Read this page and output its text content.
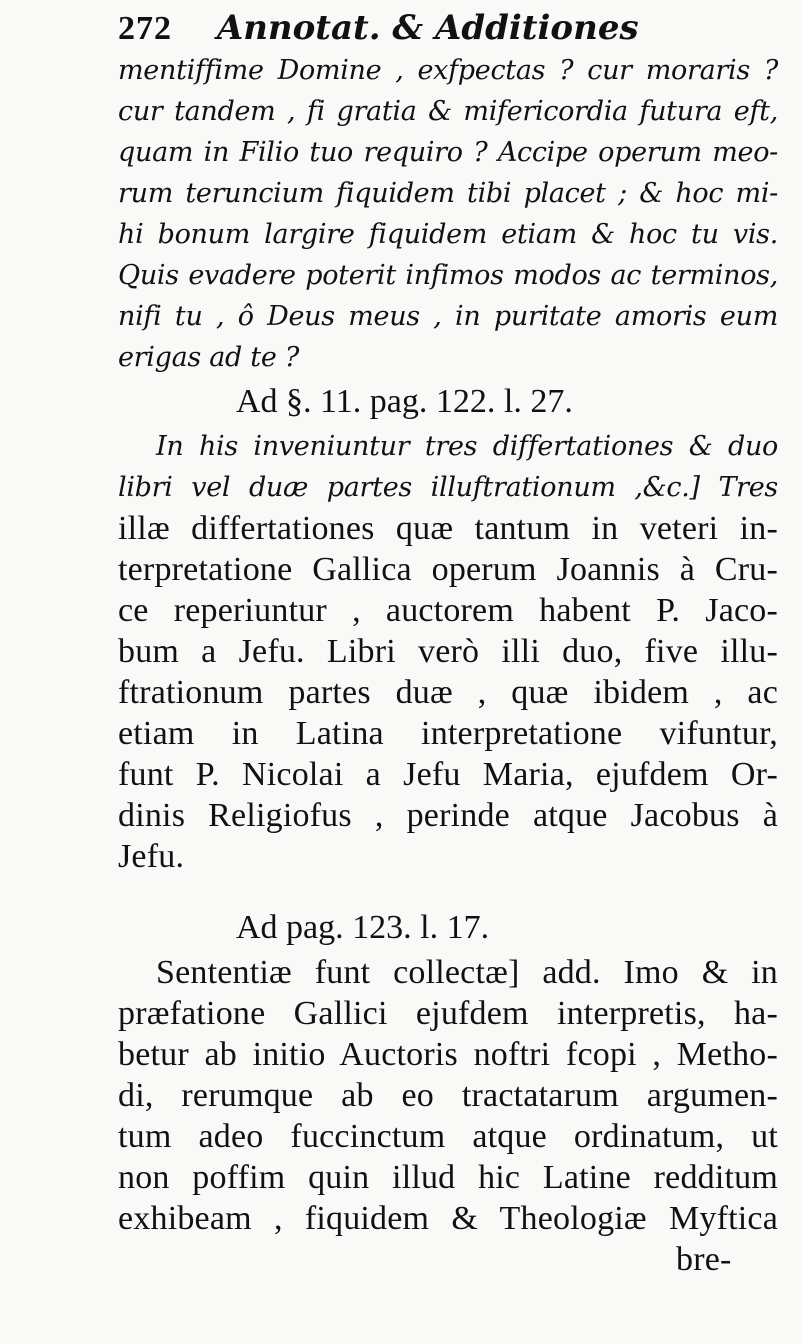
272 Annotat. & Additiones
mentiffime Domine , exfpectas ? cur moraris ?
cur tandem , fi gratia & mifericordia futura eft,
quam in Filio tuo requiro ? Accipe operum meo-
rum teruncium fiquidem tibi placet ; & hoc mi-
hi bonum largire fiquidem etiam & hoc tu vis.
Quis evadere poterit infimos modos ac terminos,
nifi tu , ô Deus meus , in puritate amoris eum
erigas ad te ?
Ad §. 11. pag. 122. l. 27.
In his inveniuntur tres differtationes & duo
libri vel duæ partes illuftrationum ,&c.] Tres
illæ differtationes quæ tantum in veteri in-
terpretatione Gallica operum Joannis à Cru-
ce reperiuntur , auctorem habent P. Jaco-
bum a Jefu. Libri verò illi duo, five illu-
ftrationum partes duæ , quæ ibidem , ac
etiam in Latina interpretatione vifuntur,
funt P. Nicolai a Jefu Maria, ejufdem Or-
dinis Religiofus , perinde atque Jacobus à
Jefu.
Ad pag. 123. l. 17.
Sententiæ funt collectæ] add. Imo & in
præfatione Gallici ejufdem interpretis, ha-
betur ab initio Auctoris noftri fcopi , Metho-
di, rerumque ab eo tractatarum argumen-
tum adeo fuccinctum atque ordinatum, ut
non poffim quin illud hic Latine redditum
exhibeam , fiquidem & Theologiæ Myftica
bre-
